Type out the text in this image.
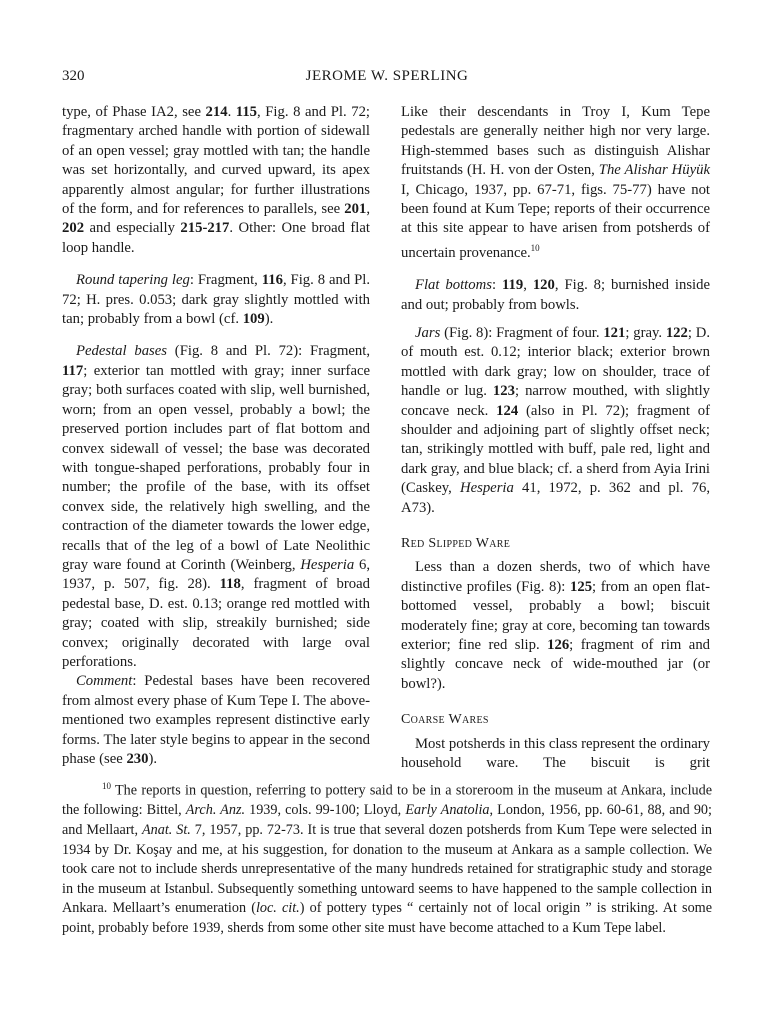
320	JEROME W. SPERLING

type, of Phase IA2, see 214. 115, Fig. 8 and Pl. 72; fragmentary arched handle with portion of sidewall of an open vessel; gray mottled with tan; the handle was set horizontally, and curved upward, its apex apparently almost angular; for further illustrations of the form, and for references to parallels, see 201, 202 and especially 215-217. Other: One broad flat loop handle.

Round tapering leg: Fragment, 116, Fig. 8 and Pl. 72; H. pres. 0.053; dark gray slightly mottled with tan; probably from a bowl (cf. 109).

Pedestal bases (Fig. 8 and Pl. 72): Fragment, 117; exterior tan mottled with gray; inner surface gray; both surfaces coated with slip, well burnished, worn; from an open vessel, probably a bowl; the preserved portion includes part of flat bottom and convex sidewall of vessel; the base was decorated with tongue-shaped perforations, probably four in number; the profile of the base, with its offset convex side, the relatively high swelling, and the contraction of the diameter towards the lower edge, recalls that of the leg of a bowl of Late Neolithic gray ware found at Corinth (Weinberg, Hesperia 6, 1937, p. 507, fig. 28). 118, fragment of broad pedestal base, D. est. 0.13; orange red mottled with gray; coated with slip, streakily burnished; side convex; originally decorated with large oval perforations.

Comment: Pedestal bases have been recovered from almost every phase of Kum Tepe I. The above-mentioned two examples represent distinctive early forms. The later style begins to appear in the second phase (see 230).

Like their descendants in Troy I, Kum Tepe pedestals are generally neither high nor very large. High-stemmed bases such as distinguish Alishar fruitstands (H. H. von der Osten, The Alishar Hüyük I, Chicago, 1937, pp. 67-71, figs. 75-77) have not been found at Kum Tepe; reports of their occurrence at this site appear to have arisen from potsherds of uncertain provenance.$^{10}$

Flat bottoms: 119, 120, Fig. 8; burnished inside and out; probably from bowls.

Jars (Fig. 8): Fragment of four. 121; gray. 122; D. of mouth est. 0.12; interior black; exterior brown mottled with dark gray; low on shoulder, trace of handle or lug. 123; narrow mouthed, with slightly concave neck. 124 (also in Pl. 72); fragment of shoulder and adjoining part of slightly offset neck; tan, strikingly mottled with buff, pale red, light and dark gray, and blue black; cf. a sherd from Ayia Irini (Caskey, Hesperia 41, 1972, p. 362 and pl. 76, A73).

Red Slipped Ware

Less than a dozen sherds, two of which have distinctive profiles (Fig. 8): 125; from an open flat-bottomed vessel, probably a bowl; biscuit moderately fine; gray at core, becoming tan towards exterior; fine red slip. 126; fragment of rim and slightly concave neck of wide-mouthed jar (or bowl?).

Coarse Wares

Most potsherds in this class represent the ordinary household ware. The biscuit is grit

$^{10}$ The reports in question, referring to pottery said to be in a storeroom in the museum at Ankara, include the following: Bittel, Arch. Anz. 1939, cols. 99-100; Lloyd, Early Anatolia, London, 1956, pp. 60-61, 88, and 90; and Mellaart, Anat. St. 7, 1957, pp. 72-73. It is true that several dozen potsherds from Kum Tepe were selected in 1934 by Dr. Koşay and me, at his suggestion, for donation to the museum at Ankara as a sample collection. We took care not to include sherds unrepresentative of the many hundreds retained for stratigraphic study and storage in the museum at Istanbul. Subsequently something untoward seems to have happened to the sample collection in Ankara. Mellaart’s enumeration (loc. cit.) of pottery types “ certainly not of local origin ” is striking. At some point, probably before 1939, sherds from some other site must have become attached to a Kum Tepe label.
